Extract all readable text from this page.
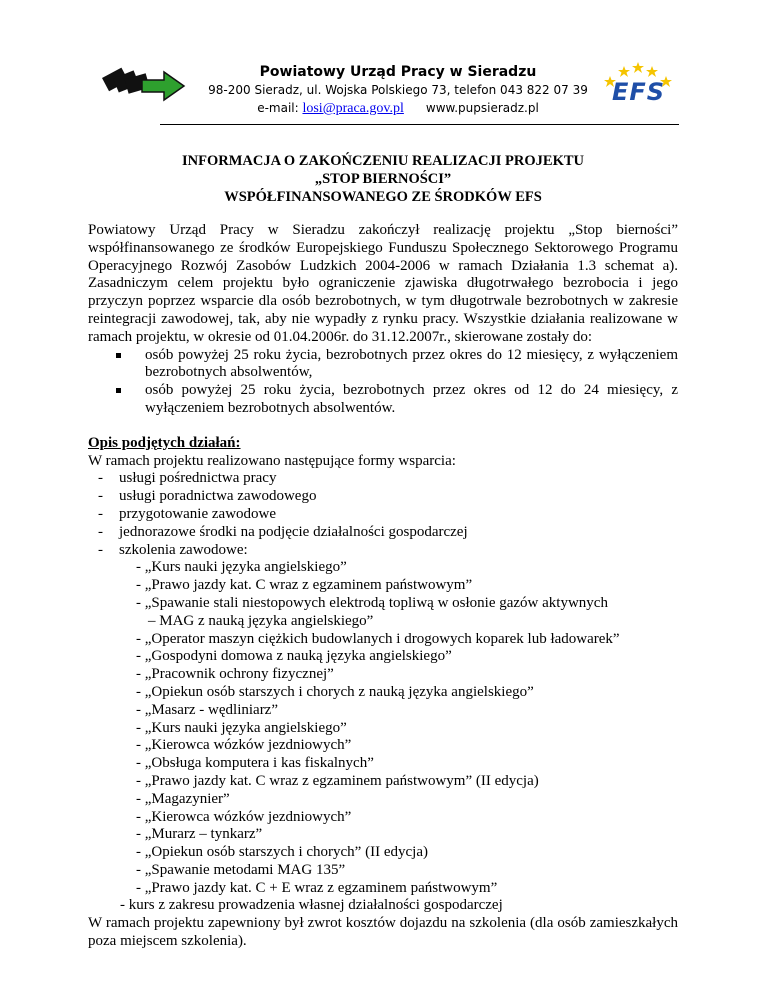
Powiatowy Urząd Pracy w Sieradzu
98-200 Sieradz, ul. Wojska Polskiego 73, telefon 043 822 07 39
e-mail: losi@praca.gov.pl www.pupsieradz.pl
EFS
INFORMACJA O ZAKOŃCZENIU REALIZACJI PROJEKTU
„STOP BIERNOŚCI”
WSPÓŁFINANSOWANEGO ZE ŚRODKÓW EFS

Powiatowy Urząd Pracy w Sieradzu zakończył realizację projektu „Stop bierności” współfinansowanego ze środków Europejskiego Funduszu Społecznego Sektorowego Programu Operacyjnego Rozwój Zasobów Ludzkich 2004-2006 w ramach Działania 1.3 schemat a). Zasadniczym celem projektu było ograniczenie zjawiska długotrwałego bezrobocia i jego przyczyn poprzez wsparcie dla osób bezrobotnych, w tym długotrwale bezrobotnych w zakresie reintegracji zawodowej, tak, aby nie wypadły z rynku pracy. Wszystkie działania realizowane w ramach projektu, w okresie od 01.04.2006r. do 31.12.2007r., skierowane zostały do:

osób powyżej 25 roku życia, bezrobotnych przez okres do 12 miesięcy, z wyłączeniem bezrobotnych absolwentów,
osób powyżej 25 roku życia, bezrobotnych przez okres od 12 do 24 miesięcy, z wyłączeniem bezrobotnych absolwentów.
Opis podjętych działań:
W ramach projektu realizowano następujące formy wsparcia:
- usługi pośrednictwa pracy
- usługi poradnictwa zawodowego
- przygotowanie zawodowe
- jednorazowe środki na podjęcie działalności gospodarczej
- szkolenia zawodowe:
- „Kurs nauki języka angielskiego”
- „Prawo jazdy kat. C wraz z egzaminem państwowym”
- „Spawanie stali niestopowych elektrodą topliwą w osłonie gazów aktywnych
– MAG z nauką języka angielskiego”
- „Operator maszyn ciężkich budowlanych i drogowych koparek lub ładowarek”
- „Gospodyni domowa z nauką języka angielskiego”
- „Pracownik ochrony fizycznej”
- „Opiekun osób starszych i chorych z nauką języka angielskiego”
- „Masarz - wędliniarz”
- „Kurs nauki języka angielskiego”
- „Kierowca wózków jezdniowych”
- „Obsługa komputera i kas fiskalnych”
- „Prawo jazdy kat. C wraz z egzaminem państwowym” (II edycja)
- „Magazynier”
- „Kierowca wózków jezdniowych”
- „Murarz – tynkarz”
- „Opiekun osób starszych i chorych” (II edycja)
- „Spawanie metodami MAG 135”
- „Prawo jazdy kat. C + E wraz z egzaminem państwowym”
- kurs z zakresu prowadzenia własnej działalności gospodarczej

W ramach projektu zapewniony był zwrot kosztów dojazdu na szkolenia (dla osób zamieszkałych poza miejscem szkolenia).
